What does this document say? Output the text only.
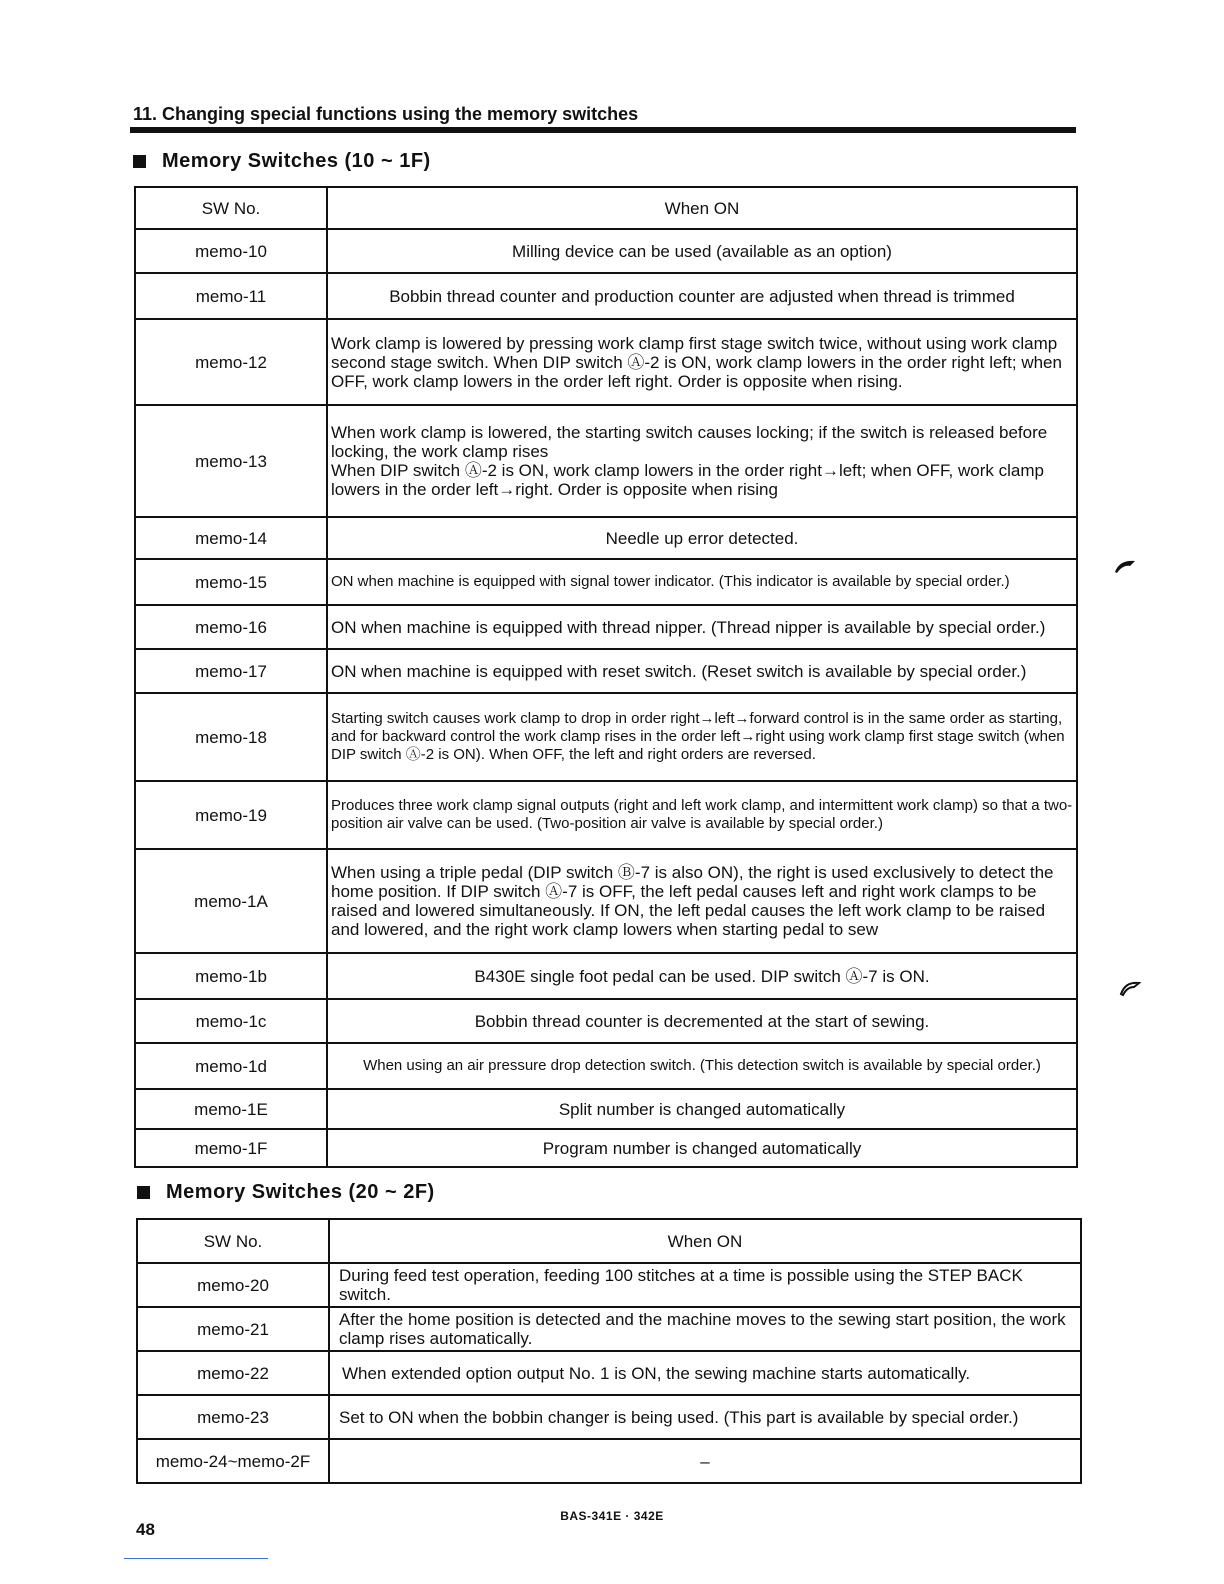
11. Changing special functions using the memory switches
Memory Switches (10 ~ 1F)
SW No.	When ON
memo-10	Milling device can be used (available as an option)
memo-11	Bobbin thread counter and production counter are adjusted when thread is trimmed
memo-12	Work clamp is lowered by pressing work clamp first stage switch twice, without using work clamp second stage switch. When DIP switch Ⓐ-2 is ON, work clamp lowers in the order right left; when OFF, work clamp lowers in the order left right. Order is opposite when rising.
memo-13	When work clamp is lowered, the starting switch causes locking; if the switch is released before locking, the work clamp rises
When DIP switch Ⓐ-2 is ON, work clamp lowers in the order right→left; when OFF, work clamp lowers in the order left→right. Order is opposite when rising
memo-14	Needle up error detected.
memo-15	ON when machine is equipped with signal tower indicator. (This indicator is available by special order.)
memo-16	ON when machine is equipped with thread nipper. (Thread nipper is available by special order.)
memo-17	ON when machine is equipped with reset switch. (Reset switch is available by special order.)
memo-18	Starting switch causes work clamp to drop in order right→left→forward control is in the same order as starting, and for backward control the work clamp rises in the order left→right using work clamp first stage switch (when DIP switch Ⓐ-2 is ON). When OFF, the left and right orders are reversed.
memo-19	Produces three work clamp signal outputs (right and left work clamp, and intermittent work clamp) so that a two-position air valve can be used. (Two-position air valve is available by special order.)
memo-1A	When using a triple pedal (DIP switch Ⓑ-7 is also ON), the right is used exclusively to detect the home position. If DIP switch Ⓐ-7 is OFF, the left pedal causes left and right work clamps to be raised and lowered simultaneously. If ON, the left pedal causes the left work clamp to be raised and lowered, and the right work clamp lowers when starting pedal to sew
memo-1b	B430E single foot pedal can be used. DIP switch Ⓐ-7 is ON.
memo-1c	Bobbin thread counter is decremented at the start of sewing.
memo-1d	When using an air pressure drop detection switch. (This detection switch is available by special order.)
memo-1E	Split number is changed automatically
memo-1F	Program number is changed automatically
Memory Switches (20 ~ 2F)
SW No.	When ON
memo-20	During feed test operation, feeding 100 stitches at a time is possible using the STEP BACK switch.
memo-21	After the home position is detected and the machine moves to the sewing start position, the work clamp rises automatically.
memo-22	When extended option output No. 1 is ON, the sewing machine starts automatically.
memo-23	Set to ON when the bobbin changer is being used. (This part is available by special order.)
memo-24~memo-2F	–
BAS-341E · 342E
48
